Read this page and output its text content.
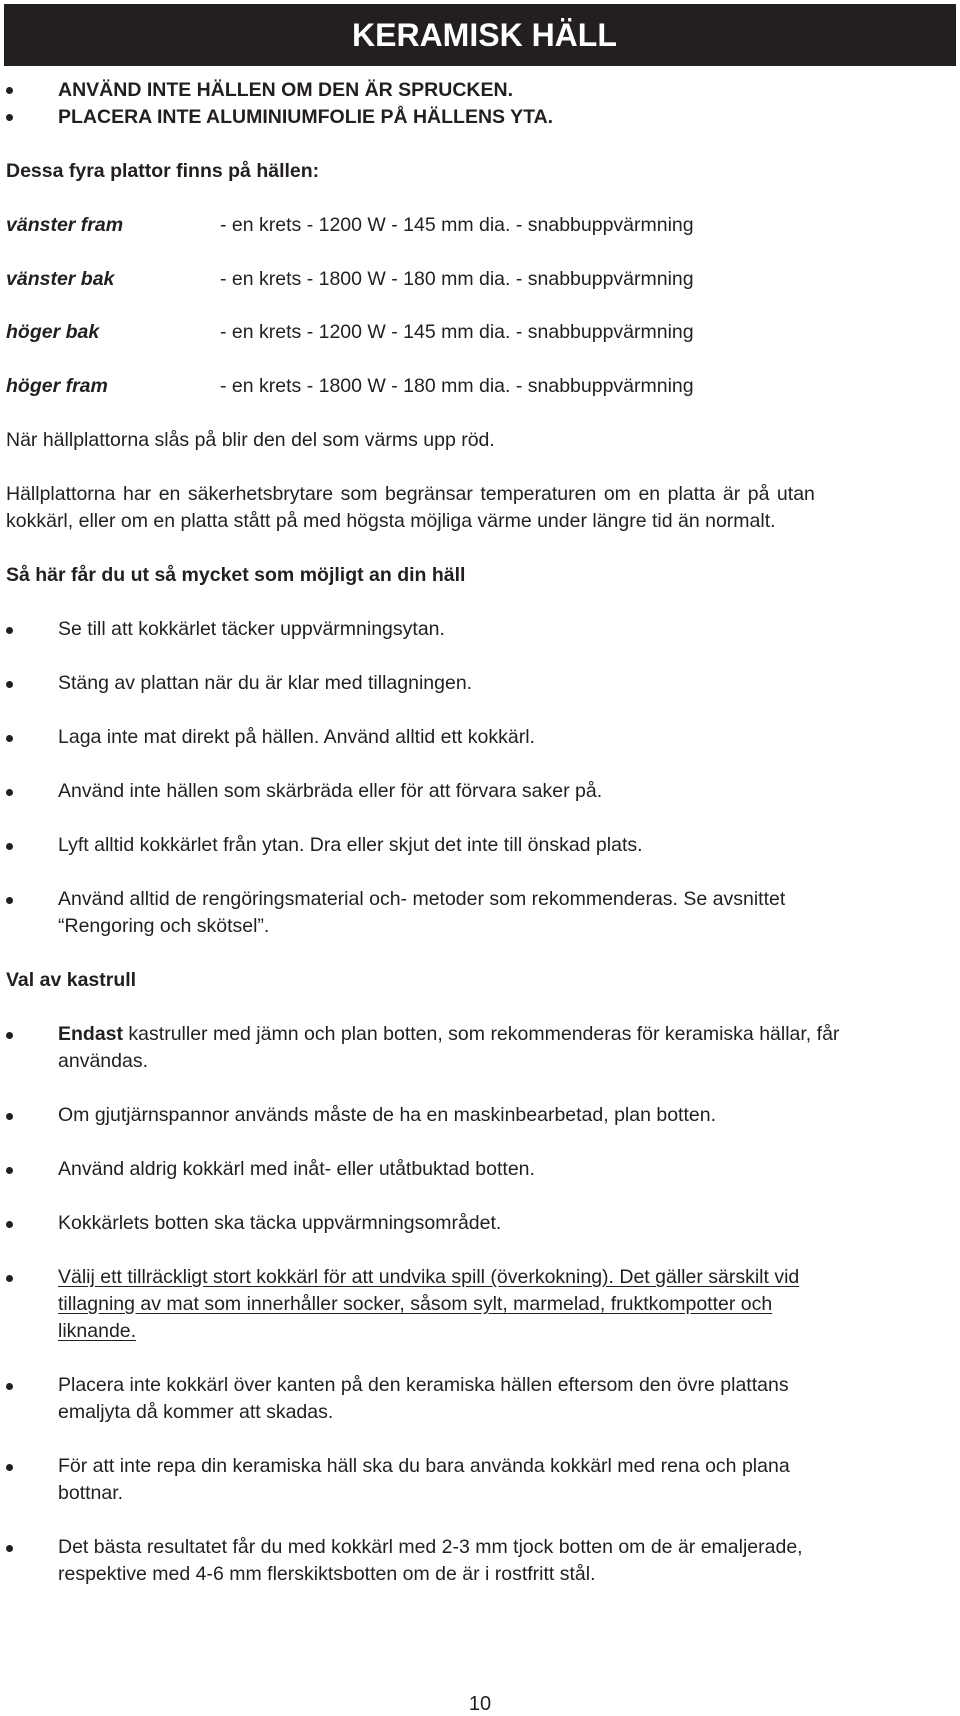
KERAMISK HÄLL
ANVÄND INTE HÄLLEN OM DEN ÄR SPRUCKEN.
PLACERA INTE ALUMINIUMFOLIE PÅ HÄLLENS YTA.
Dessa fyra plattor finns på hällen:
vänster fram	- en krets - 1200 W - 145 mm dia. - snabbuppvärmning
vänster bak	- en krets - 1800 W - 180 mm dia. - snabbuppvärmning
höger bak	- en krets - 1200 W - 145 mm dia. - snabbuppvärmning
höger fram	- en krets - 1800 W - 180 mm dia. - snabbuppvärmning
När hällplattorna slås på blir den del som värms upp röd.
Hällplattorna har en säkerhetsbrytare som begränsar temperaturen om en platta är på utan
kokkärl, eller om en platta stått på med högsta möjliga värme under längre tid än normalt.
Så här får du ut så mycket som möjligt an din häll
Se till att kokkärlet täcker uppvärmningsytan.
Stäng av plattan när du är klar med tillagningen.
Laga inte mat direkt på hällen. Använd alltid ett kokkärl.
Använd inte hällen som skärbräda eller för att förvara saker på.
Lyft alltid kokkärlet från ytan. Dra eller skjut det inte till önskad plats.
Använd alltid de rengöringsmaterial och- metoder som rekommenderas. Se avsnittet
“Rengoring och skötsel”.
Val av kastrull
Endast kastruller med jämn och plan botten, som rekommenderas för keramiska hällar, får
användas.
Om gjutjärnspannor används måste de ha en maskinbearbetad, plan botten.
Använd aldrig kokkärl med inåt- eller utåtbuktad botten.
Kokkärlets botten ska täcka uppvärmningsområdet.
Välij ett tillräckligt stort kokkärl för att undvika spill (överkokning). Det gäller särskilt vid
tillagning av mat som innerhåller socker, såsom sylt, marmelad, fruktkompotter och
liknande.
Placera inte kokkärl över kanten på den keramiska hällen eftersom den övre plattans
emaljyta då kommer att skadas.
För att inte repa din keramiska häll ska du bara använda kokkärl med rena och plana
bottnar.
Det bästa resultatet får du med kokkärl med 2-3 mm tjock botten om de är emaljerade,
respektive med 4-6 mm flerskiktsbotten om de är i rostfritt stål.
10
